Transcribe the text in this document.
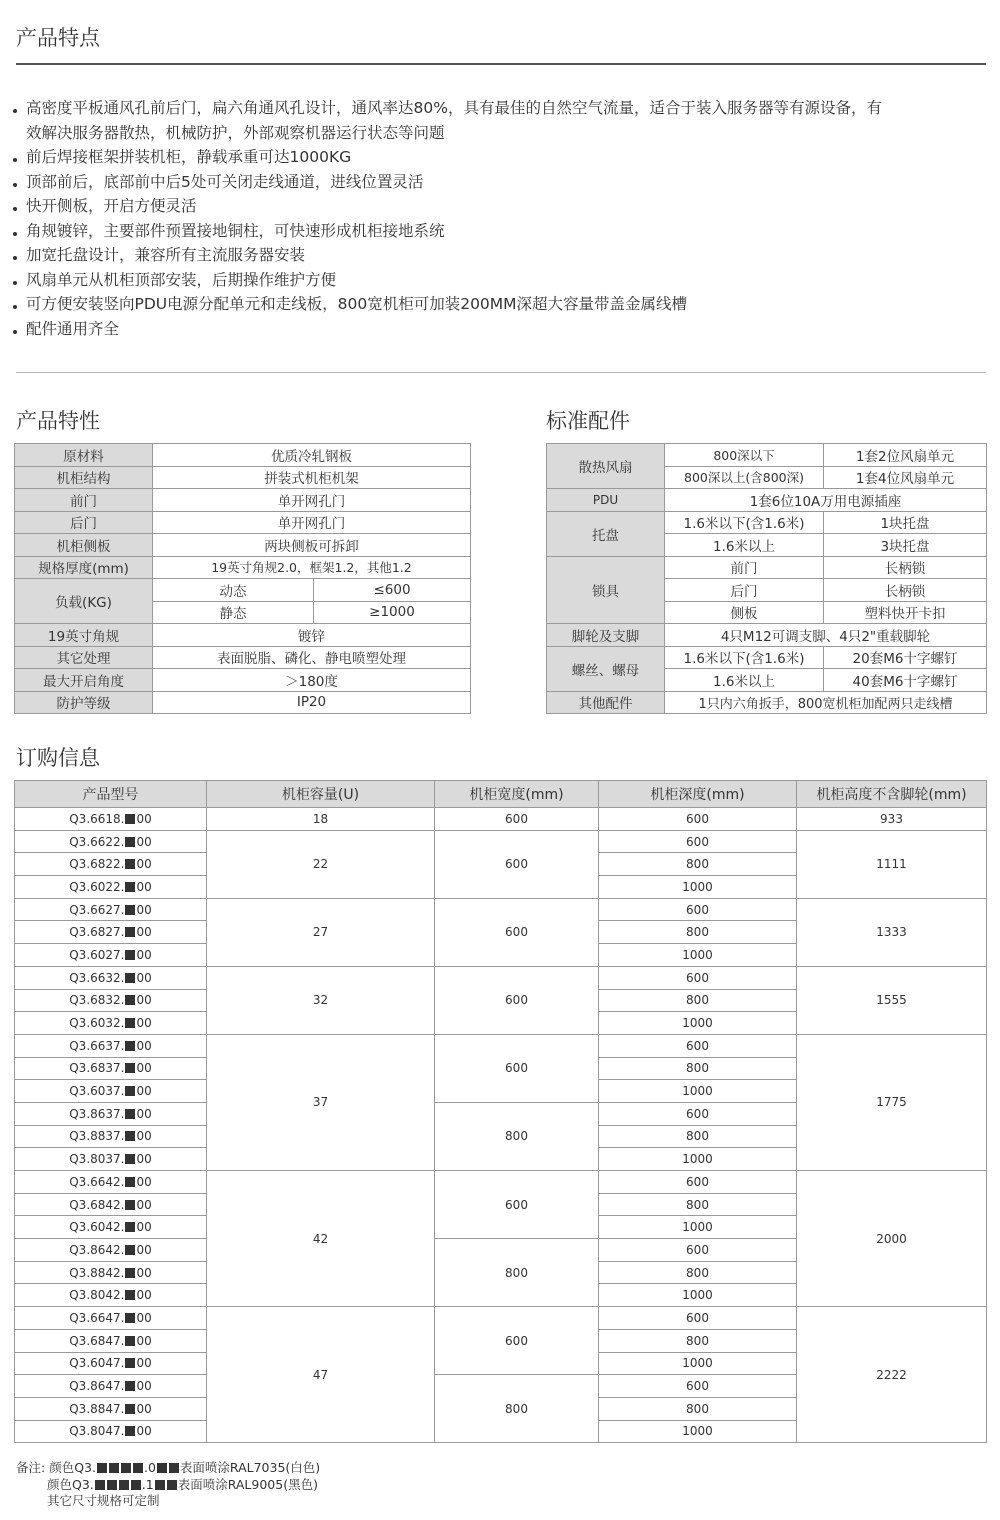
产品特点
高密度平板通风孔前后门，扁六角通风孔设计，通风率达80%，具有最佳的自然空气流量，适合于装入服务器等有源设备，有
效解决服务器散热，机械防护，外部观察机器运行状态等问题
前后焊接框架拼装机柜，静载承重可达1000KG
顶部前后，底部前中后5处可关闭走线通道，进线位置灵活
快开侧板，开启方便灵活
角规镀锌，主要部件预置接地铜柱，可快速形成机柜接地系统
加宽托盘设计，兼容所有主流服务器安装
风扇单元从机柜顶部安装，后期操作维护方便
可方便安装竖向PDU电源分配单元和走线板，800宽机柜可加装200MM深超大容量带盖金属线槽
配件通用齐全
产品特性
原材料	优质冷轧钢板	
机柜结构	拼装式机柜机架	
前门	单开网孔门	
后门	单开网孔门	
机柜侧板	两块侧板可拆卸	
规格厚度(mm)	19英寸角规2.0，框架1.2，其他1.2	
负载(KG)	动态	≤600
	静态	≥1000
19英寸角规	镀锌	
其它处理	表面脱脂、磷化、静电喷塑处理	
最大开启角度	＞180度	
防护等级	IP20	
标准配件
散热风扇	800深以下	1套2位风扇单元
	800深以上(含800深)	1套4位风扇单元
PDU	1套6位10A万用电源插座	
托盘	1.6米以下(含1.6米)	1块托盘
	1.6米以上	3块托盘
锁具	前门	长柄锁
	后门	长柄锁
	侧板	塑料快开卡扣
脚轮及支脚	4只M12可调支脚、4只2"重载脚轮	
螺丝、螺母	1.6米以下(含1.6米)	20套M6十字螺钉
	1.6米以上	40套M6十字螺钉
其他配件	1只内六角扳手，800宽机柜加配两只走线槽	
订购信息
产品型号	机柜容量(U)	机柜宽度(mm)	机柜深度(mm)	机柜高度不含脚轮(mm)
Q3.6618. 00	18	600	600	933
Q3.6622. 00	22	600	600	1111
Q3.6822. 00			800	
Q3.6022. 00			1000	
Q3.6627. 00	27	600	600	1333
Q3.6827. 00			800	
Q3.6027. 00			1000	
Q3.6632. 00	32	600	600	1555
Q3.6832. 00			800	
Q3.6032. 00			1000	
Q3.6637. 00	37	600	600	1775
Q3.6837. 00			800	
Q3.6037. 00			1000	
Q3.8637. 00		800	600	
Q3.8837. 00			800	
Q3.8037. 00			1000	
Q3.6642. 00	42	600	600	2000
Q3.6842. 00			800	
Q3.6042. 00			1000	
Q3.8642. 00		800	600	
Q3.8842. 00			800	
Q3.8042. 00			1000	
Q3.6647. 00	47	600	600	2222
Q3.6847. 00			800	
Q3.6047. 00			1000	
Q3.8647. 00		800	600	
Q3.8847. 00			800	
Q3.8047. 00			1000	
备注: 颜色Q3.	.0 表面喷涂RAL7035(白色)
颜色Q3.	.1 表面喷涂RAL9005(黑色)
其它尺寸规格可定制
